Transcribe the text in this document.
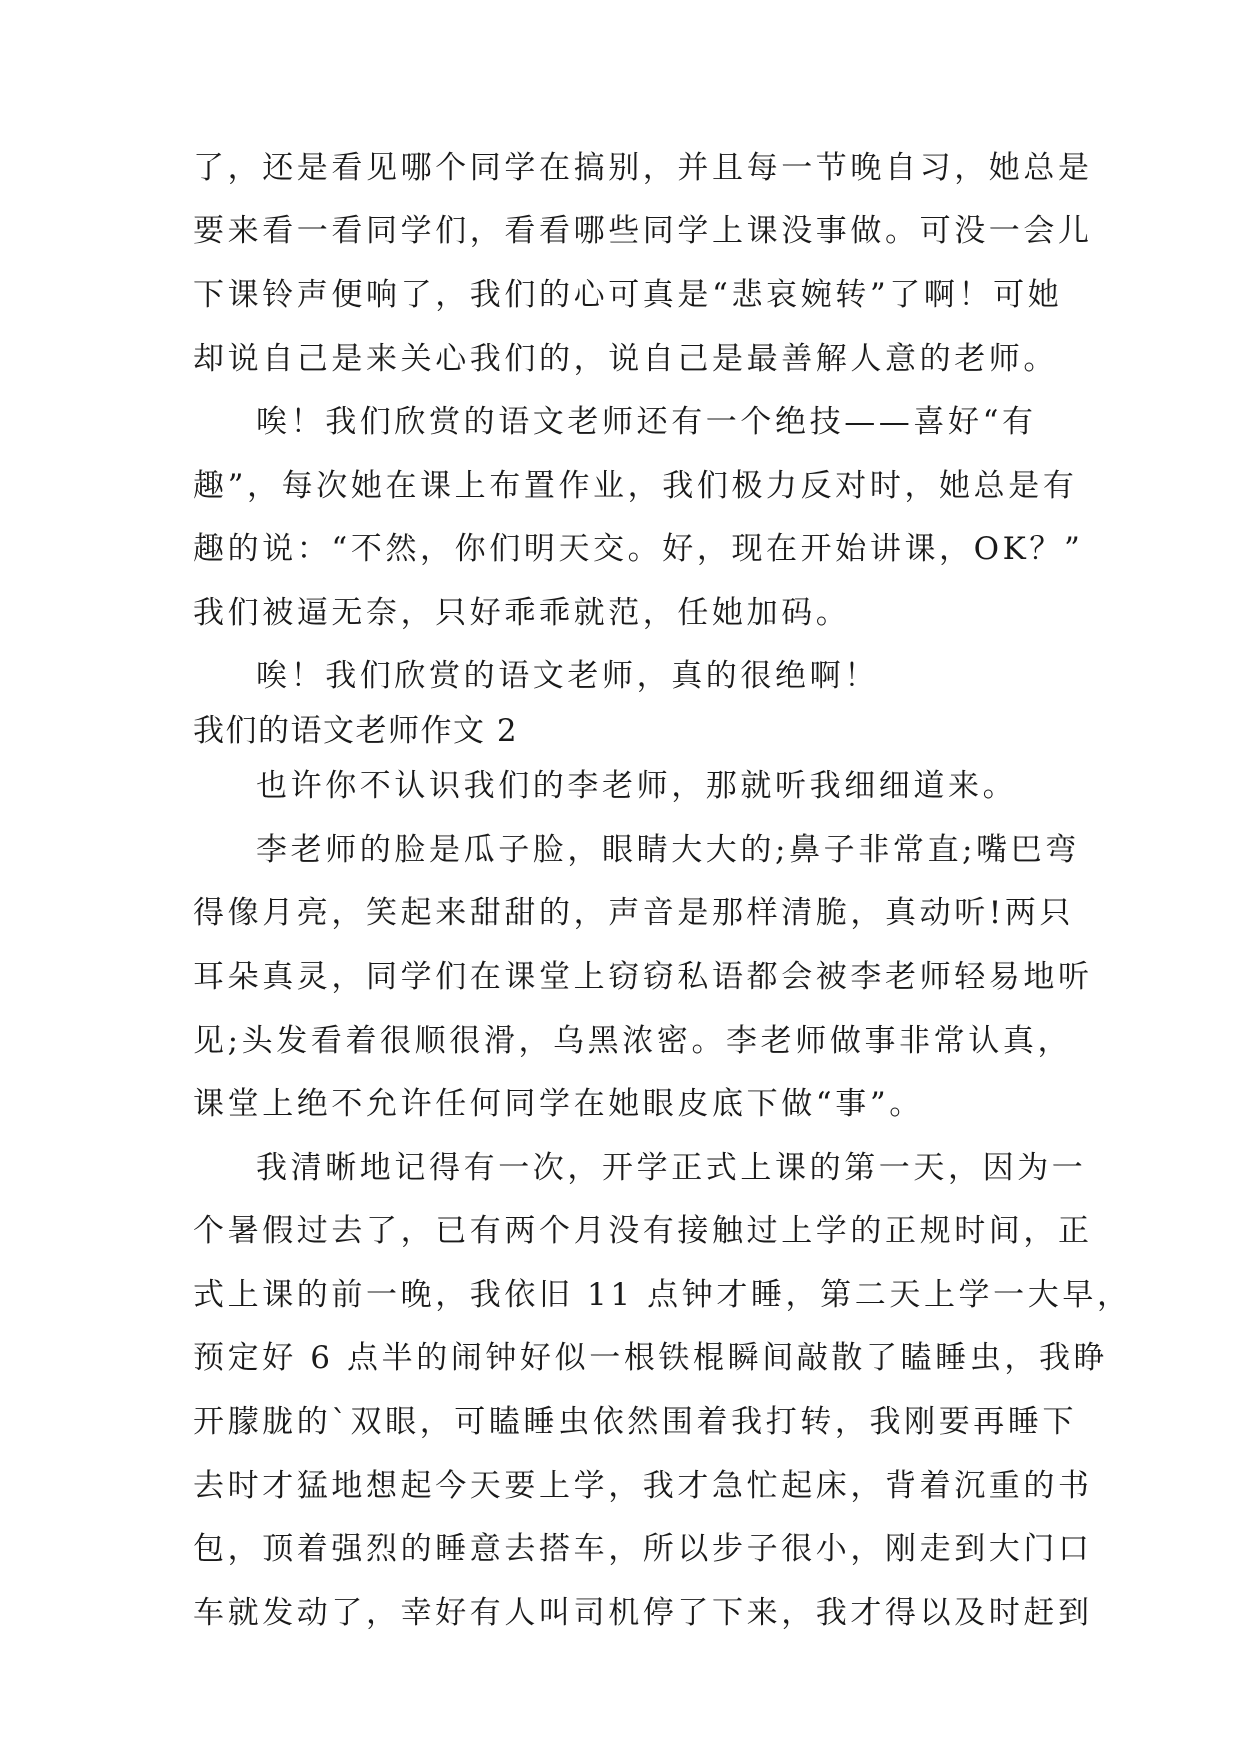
了，还是看见哪个同学在搞别，并且每一节晚自习，她总是
要来看一看同学们，看看哪些同学上课没事做。可没一会儿
下课铃声便响了，我们的心可真是“悲哀婉转”了啊！可她
却说自己是来关心我们的，说自己是最善解人意的老师。
唉！我们欣赏的语文老师还有一个绝技——喜好“有
趣”，每次她在课上布置作业，我们极力反对时，她总是有
趣的说：“不然，你们明天交。好，现在开始讲课，OK？”
我们被逼无奈，只好乖乖就范，任她加码。
唉！我们欣赏的语文老师，真的很绝啊！
我们的语文老师作文 2
也许你不认识我们的李老师，那就听我细细道来。
李老师的脸是瓜子脸，眼睛大大的;鼻子非常直;嘴巴弯
得像月亮，笑起来甜甜的，声音是那样清脆，真动听!两只
耳朵真灵，同学们在课堂上窃窃私语都会被李老师轻易地听
见;头发看着很顺很滑，乌黑浓密。李老师做事非常认真，
课堂上绝不允许任何同学在她眼皮底下做“事”。
我清晰地记得有一次，开学正式上课的第一天，因为一
个暑假过去了，已有两个月没有接触过上学的正规时间，正
式上课的前一晚，我依旧 11 点钟才睡，第二天上学一大早，
预定好 6 点半的闹钟好似一根铁棍瞬间敲散了瞌睡虫，我睁
开朦胧的`双眼，可瞌睡虫依然围着我打转，我刚要再睡下
去时才猛地想起今天要上学，我才急忙起床，背着沉重的书
包，顶着强烈的睡意去搭车，所以步子很小，刚走到大门口
车就发动了，幸好有人叫司机停了下来，我才得以及时赶到
